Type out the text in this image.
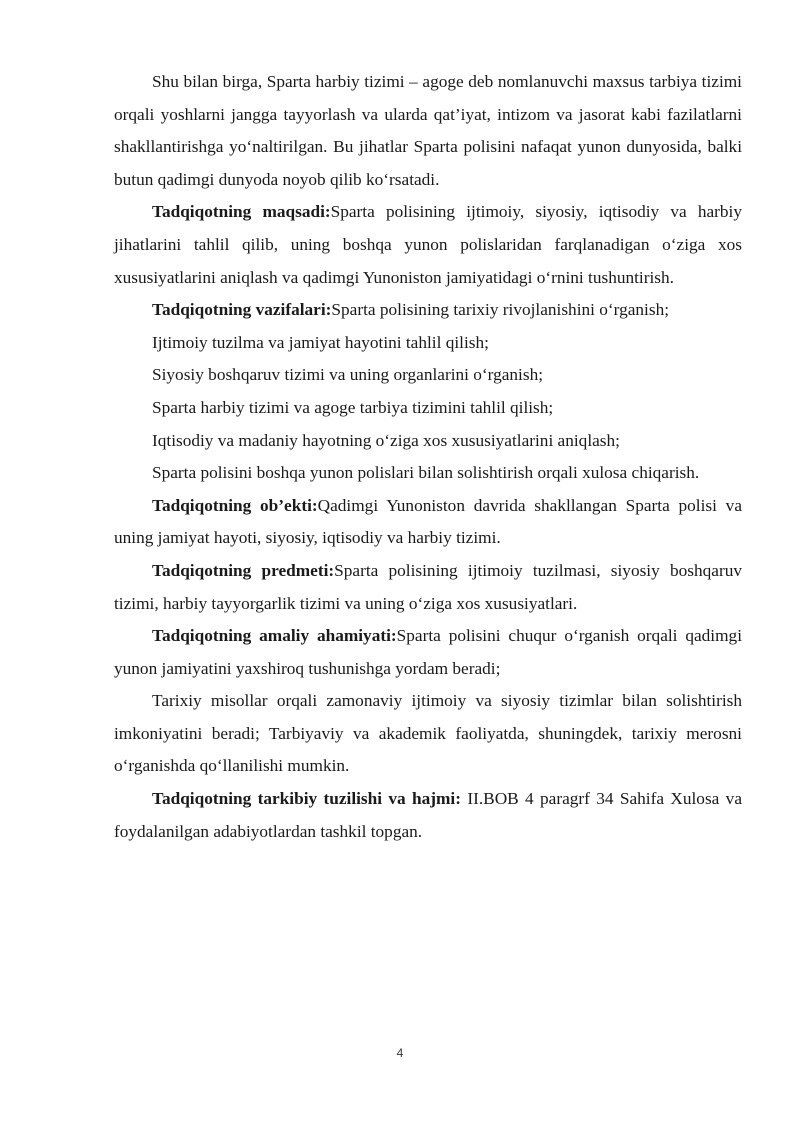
Shu bilan birga, Sparta harbiy tizimi – agoge deb nomlanuvchi maxsus tarbiya tizimi orqali yoshlarni jangga tayyorlash va ularda qat’iyat, intizom va jasorat kabi fazilatlarni shakllantirishga yo‘naltirilgan. Bu jihatlar Sparta polisini nafaqat yunon dunyosida, balki butun qadimgi dunyoda noyob qilib ko‘rsatadi.

Tadqiqotning maqsadi:Sparta polisining ijtimoiy, siyosiy, iqtisodiy va harbiy jihatlarini tahlil qilib, uning boshqa yunon polislaridan farqlanadigan o‘ziga xos xususiyatlarini aniqlash va qadimgi Yunoniston jamiyatidagi o‘rnini tushuntirish.

Tadqiqotning vazifalari:Sparta polisining tarixiy rivojlanishini o‘rganish;

Ijtimoiy tuzilma va jamiyat hayotini tahlil qilish;

Siyosiy boshqaruv tizimi va uning organlarini o‘rganish;

Sparta harbiy tizimi va agoge tarbiya tizimini tahlil qilish;

Iqtisodiy va madaniy hayotning o‘ziga xos xususiyatlarini aniqlash;

Sparta polisini boshqa yunon polislari bilan solishtirish orqali xulosa chiqarish.

Tadqiqotning ob’ekti:Qadimgi Yunoniston davrida shakllangan Sparta polisi va uning jamiyat hayoti, siyosiy, iqtisodiy va harbiy tizimi.

Tadqiqotning predmeti:Sparta polisining ijtimoiy tuzilmasi, siyosiy boshqaruv tizimi, harbiy tayyorgarlik tizimi va uning o‘ziga xos xususiyatlari.

Tadqiqotning amaliy ahamiyati:Sparta polisini chuqur o‘rganish orqali qadimgi yunon jamiyatini yaxshiroq tushunishga yordam beradi;

Tarixiy misollar orqali zamonaviy ijtimoiy va siyosiy tizimlar bilan solishtirish imkoniyatini beradi; Tarbiyaviy va akademik faoliyatda, shuningdek, tarixiy merosni o‘rganishda qo‘llanilishi mumkin.

Tadqiqotning tarkibiy tuzilishi va hajmi: II.BOB 4 paragrf 34 Sahifa Xulosa va foydalanilgan adabiyotlardan tashkil topgan.

4
